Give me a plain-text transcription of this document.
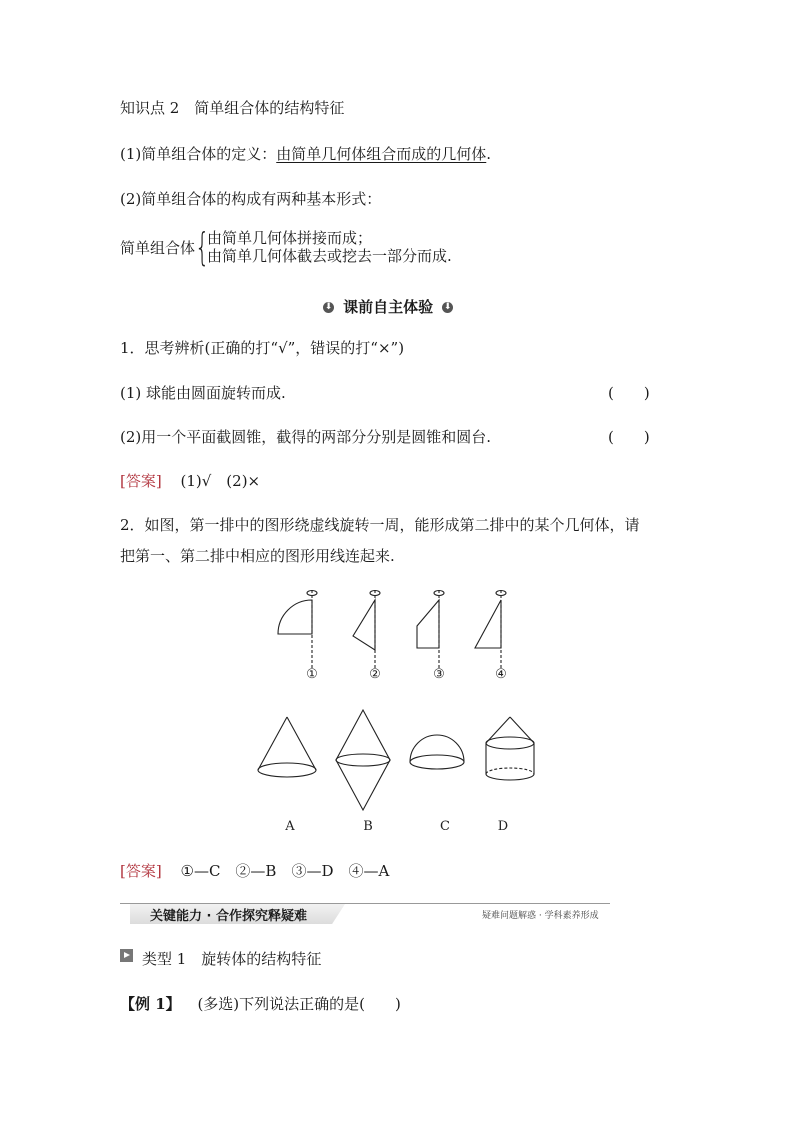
知识点 2　简单组合体的结构特征
(1)简单组合体的定义：由简单几何体组合而成的几何体.
(2)简单组合体的构成有两种基本形式：
简单组合体 {
由简单几何体拼接而成；
由简单几何体截去或挖去一部分而成.
⬇ 课前自主体验 ⬇
1．思考辨析(正确的打“√”，错误的打“×”)
(1) 球能由圆面旋转而成.	(　　)
(2)用一个平面截圆锥，截得的两部分分别是圆锥和圆台.	(　　)
[答案] (1)√　(2)×
2．如图，第一排中的图形绕虚线旋转一周，能形成第二排中的某个几何体，请
把第一、第二排中相应的图形用线连起来.
①	②	③	④
A	B	C	D
[答案] ①—C　②—B　③—D　④—A
关键能力 · 合作探究释疑难	疑难问题解惑 · 学科素养形成
类型 1　旋转体的结构特征
【例 1】 (多选)下列说法正确的是(　　)
